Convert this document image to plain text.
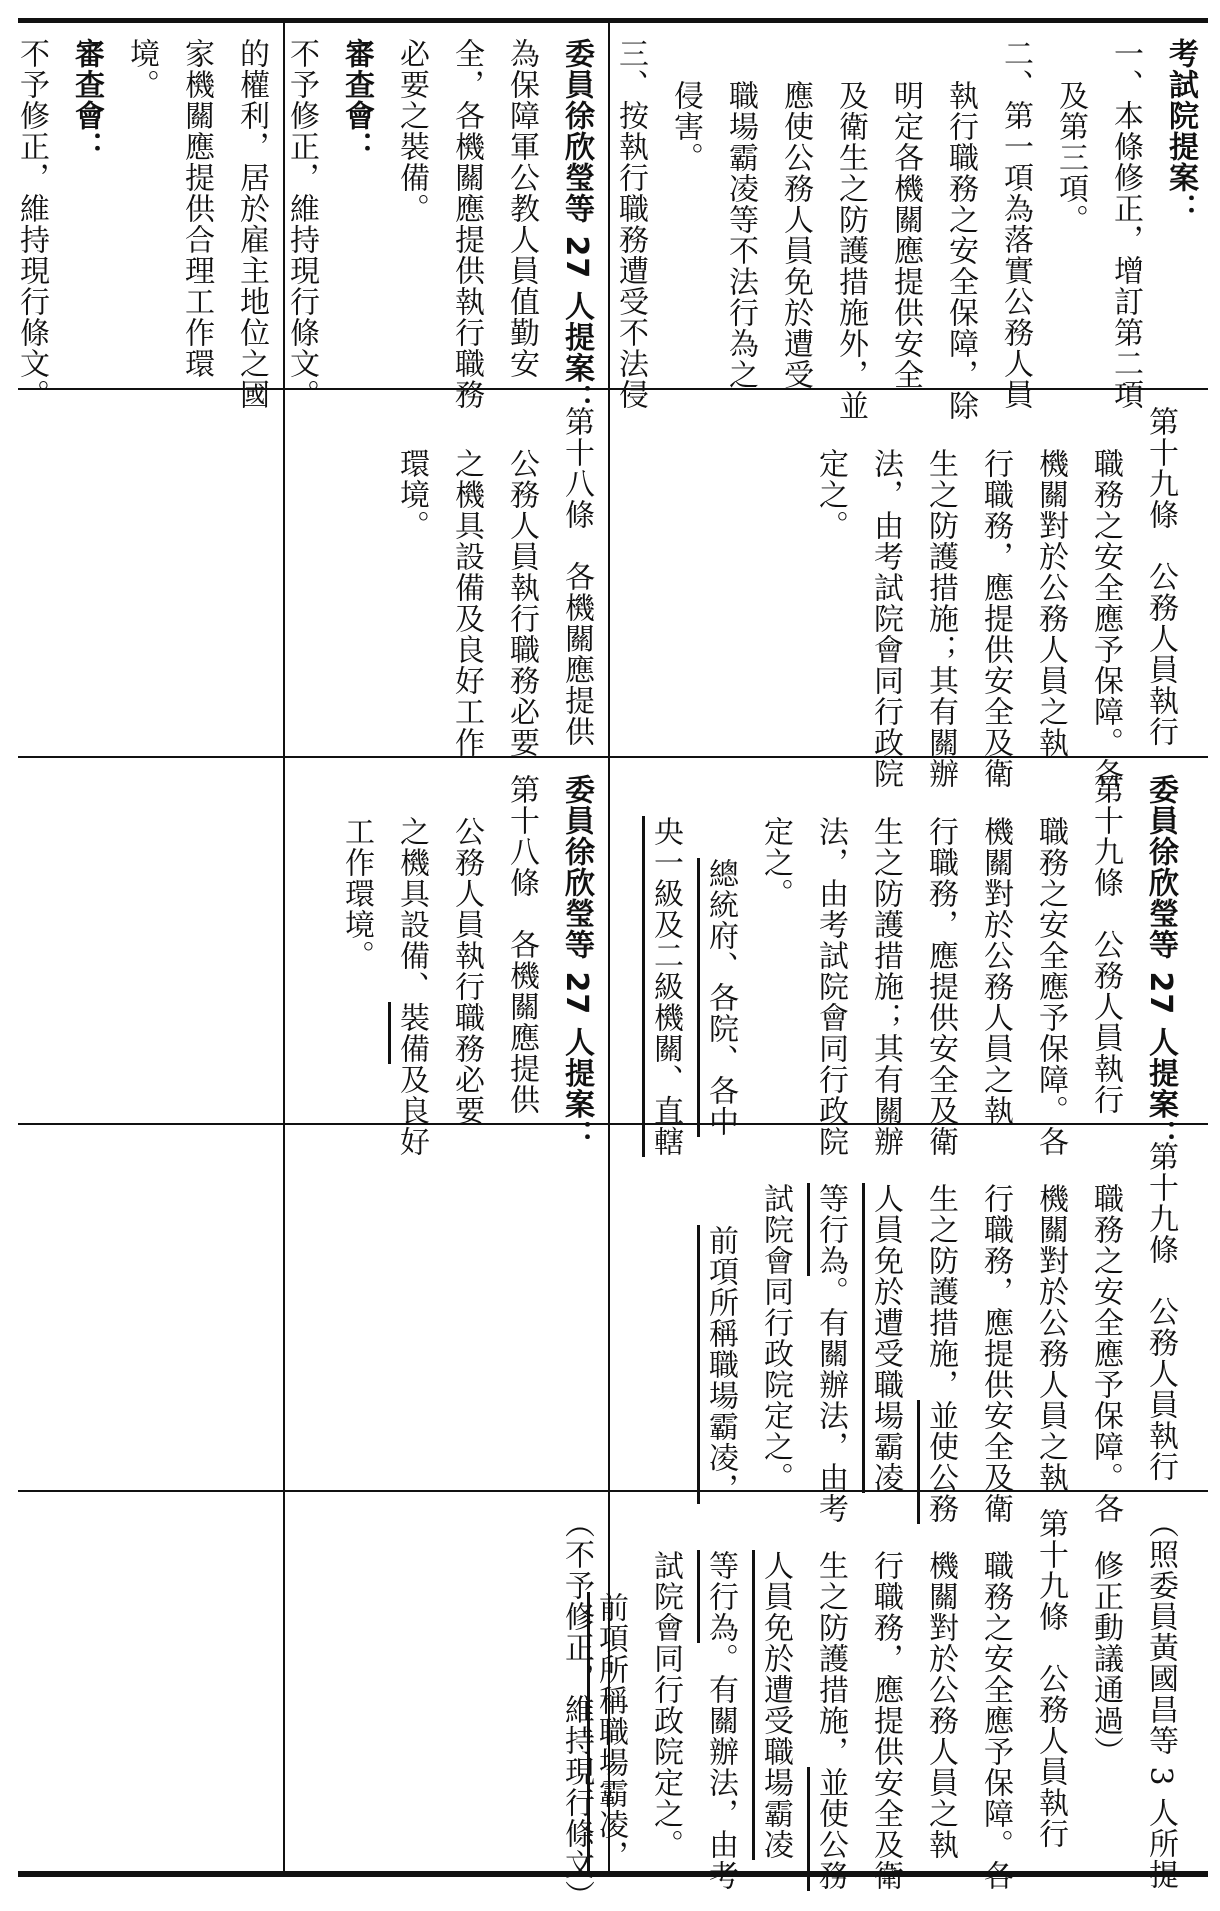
的權利，居於雇主地位之國
家機關應提供合理工作環
境。
審查會：
不予修正，維持現行條文。	委員徐欣瑩等 27 人提案：
為保障軍公教人員值勤安
全，各機關應提供執行職務
必要之裝備。
審查會：
不予修正，維持現行條文。
第十八條　各機關應提供
公務人員執行職務必要
之機具設備及良好工作
環境。
委員徐欣瑩等 27 人提案：
第十八條　各機關應提供
公務人員執行職務必要
之機具設備、裝備及良好
工作環境。
（不予修正，維持現行條文）
考試院提案：
一、本條修正，增訂第二項
及第三項。
二、第一項為落實公務人員
執行職務之安全保障，除
明定各機關應提供安全
及衛生之防護措施外，並
應使公務人員免於遭受
職場霸凌等不法行為之
侵害。
三、按執行職務遭受不法侵
第十九條　公務人員執行
職務之安全應予保障。各
機關對於公務人員之執
行職務，應提供安全及衛
生之防護措施；其有關辦
法，由考試院會同行政院
定之。
委員徐欣瑩等 27 人提案：
第十九條　公務人員執行
職務之安全應予保障。各
機關對於公務人員之執
行職務，應提供安全及衛
生之防護措施；其有關辦
法，由考試院會同行政院
定之。
總統府、各院、各中
央一級及二級機關、直轄
第十九條　公務人員執行
職務之安全應予保障。各
機關對於公務人員之執
行職務，應提供安全及衛
生之防護措施，並使公務
人員免於遭受職場霸凌
等行為。有關辦法，由考
試院會同行政院定之。
前項所稱職場霸凌，
（照委員黃國昌等 3 人所提
修正動議通過）
第十九條　公務人員執行
職務之安全應予保障。各
機關對於公務人員之執
行職務，應提供安全及衛
生之防護措施，並使公務
人員免於遭受職場霸凌
等行為。有關辦法，由考
試院會同行政院定之。
前項所稱職場霸凌，
